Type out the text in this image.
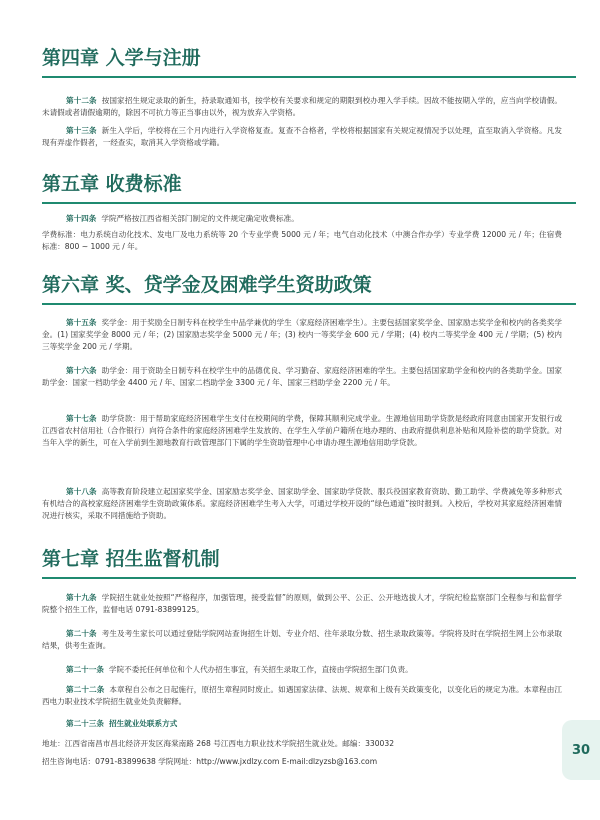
第四章 入学与注册
第十二条 按国家招生规定录取的新生，持录取通知书，按学校有关要求和规定的期限到校办理入学手续。因故不能按期入学的，应当向学校请假。未请假或者请假逾期的，除因不可抗力等正当事由以外，视为放弃入学资格。
第十三条 新生入学后，学校将在三个月内进行入学资格复查。复查不合格者，学校将根据国家有关规定视情况予以处理，直至取消入学资格。凡发现有弄虚作假者，一经查实，取消其入学资格或学籍。
第五章 收费标准
第十四条 学院严格按江西省相关部门制定的文件规定确定收费标准。
学费标准：电力系统自动化技术、发电厂及电力系统等 20 个专业学费 5000 元 / 年；电气自动化技术（中澳合作办学）专业学费 12000 元 / 年；住宿费标准：800 ~ 1000 元 / 年。
第六章 奖、贷学金及困难学生资助政策
第十五条 奖学金：用于奖励全日制专科在校学生中品学兼优的学生（家庭经济困难学生）。主要包括国家奖学金、国家励志奖学金和校内的各类奖学金。(1) 国家奖学金 8000 元 / 年；(2) 国家励志奖学金 5000 元 / 年；(3) 校内一等奖学金 600 元 / 学期；(4) 校内二等奖学金 400 元 / 学期；(5) 校内三等奖学金 200 元 / 学期。
第十六条 助学金：用于资助全日制专科在校学生中的品德优良、学习勤奋、家庭经济困难的学生。主要包括国家助学金和校内的各类助学金。国家助学金：国家一档助学金 4400 元 / 年、国家二档助学金 3300 元 / 年、国家三档助学金 2200 元 / 年。
第十七条 助学贷款：用于帮助家庭经济困难学生支付在校期间的学费，保障其顺利完成学业。生源地信用助学贷款是经政府同意由国家开发银行或江西省农村信用社（合作银行）向符合条件的家庭经济困难学生发放的、在学生入学前户籍所在地办理的、由政府提供利息补贴和风险补偿的助学贷款。对当年入学的新生，可在入学前到生源地教育行政管理部门下属的学生资助管理中心申请办理生源地信用助学贷款。
第十八条 高等教育阶段建立起国家奖学金、国家励志奖学金、国家助学金、国家助学贷款、服兵役国家教育资助、勤工助学、学费减免等多种形式有机结合的高校家庭经济困难学生资助政策体系。家庭经济困难学生考入大学，可通过学校开设的“绿色通道”按时报到。入校后，学校对其家庭经济困难情况进行核实，采取不同措施给予资助。
第七章 招生监督机制
第十九条 学院招生就业处按照“严格程序，加强管理，接受监督”的原则，做到公平、公正、公开地选拔人才，学院纪检监察部门全程参与和监督学院整个招生工作，监督电话 0791-83899125。
第二十条 考生及考生家长可以通过登陆学院网站查询招生计划、专业介绍、往年录取分数、招生录取政策等。学院将及时在学院招生网上公布录取结果，供考生查询。
第二十一条 学院不委托任何单位和个人代办招生事宜，有关招生录取工作，直接由学院招生部门负责。
第二十二条 本章程自公布之日起施行，原招生章程同时废止。如遇国家法律、法规、规章和上级有关政策变化，以变化后的规定为准。本章程由江西电力职业技术学院招生就业处负责解释。
第二十三条 招生就业处联系方式
地址：江西省南昌市昌北经济开发区海棠南路 268 号江西电力职业技术学院招生就业处。邮编：330032
招生咨询电话：0791-83899638 学院网址：http://www.jxdlzy.com E-mail:dlzyzsb@163.com
30
